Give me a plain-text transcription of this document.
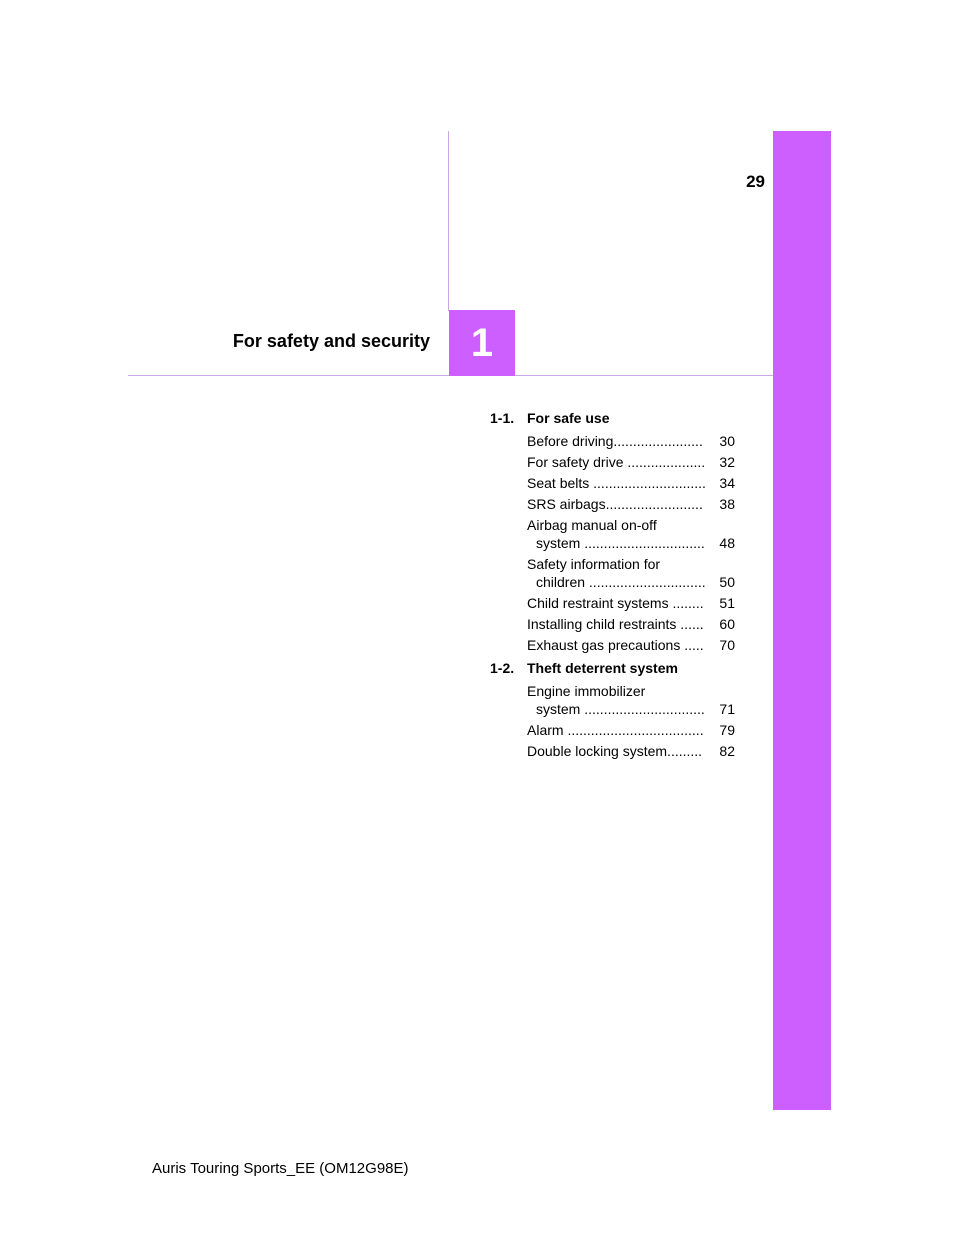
29
1
For safety and security
1-1. For safe use
Before driving.......................	30
For safety drive ....................	32
Seat belts ............................. 34
SRS airbags.........................	38
Airbag manual on-off

system ...............................	48
Safety information for

children .............................. 50
Child restraint systems ........	51
Installing child restraints ......	60
Exhaust gas precautions .....	70
1-2. Theft deterrent system
Engine immobilizer

system ...............................	71
Alarm ...................................	79
Double locking system.........	82
Auris Touring Sports_EE (OM12G98E)
